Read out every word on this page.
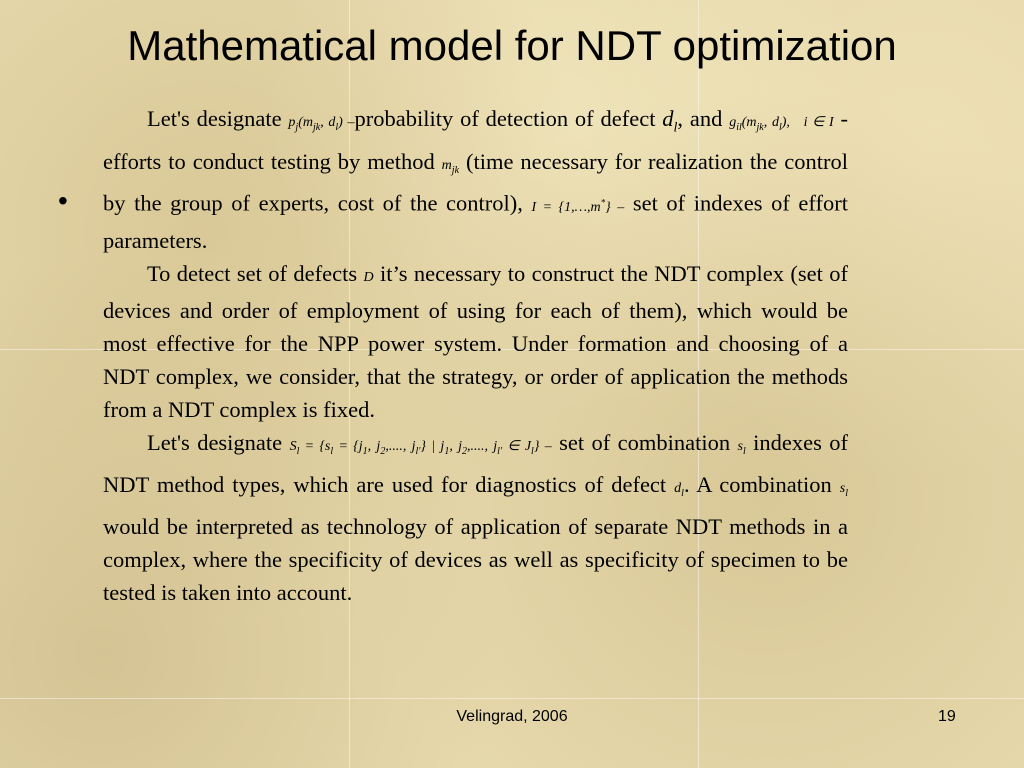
Mathematical model for NDT optimization
•

Let's designate $p_j(m_{jk}$, $d_l$) –probability of detection of defect $d_l$, and $g_{il}(m_{jk}$, $d_l$), i ∈ I - efforts to conduct testing by method $m_{jk}$ (time necessary for realization the control by the group of experts, cost of the control), I = {1,…,m*} – set of indexes of effort parameters.

To detect set of defects D it’s necessary to construct the NDT complex (set of devices and order of employment of using for each of them), which would be most effective for the NPP power system. Under formation and choosing of a NDT complex, we consider, that the strategy, or order of application the methods from a NDT complex is fixed.

Let's designate $S_l = \{s_l = \{j_1$, $j_2$,...., $j_{l'}$} | $j_1$, $j_2$,...., $j_{l'}$ ∈ $J_l$} – set of combination $s_l$ indexes of NDT method types, which are used for diagnostics of defect $d_l$. A combination $s_l$ would be interpreted as technology of application of separate NDT methods in a complex, where the specificity of devices as well as specificity of specimen to be tested is taken into account.

Velingrad, 2006	19
